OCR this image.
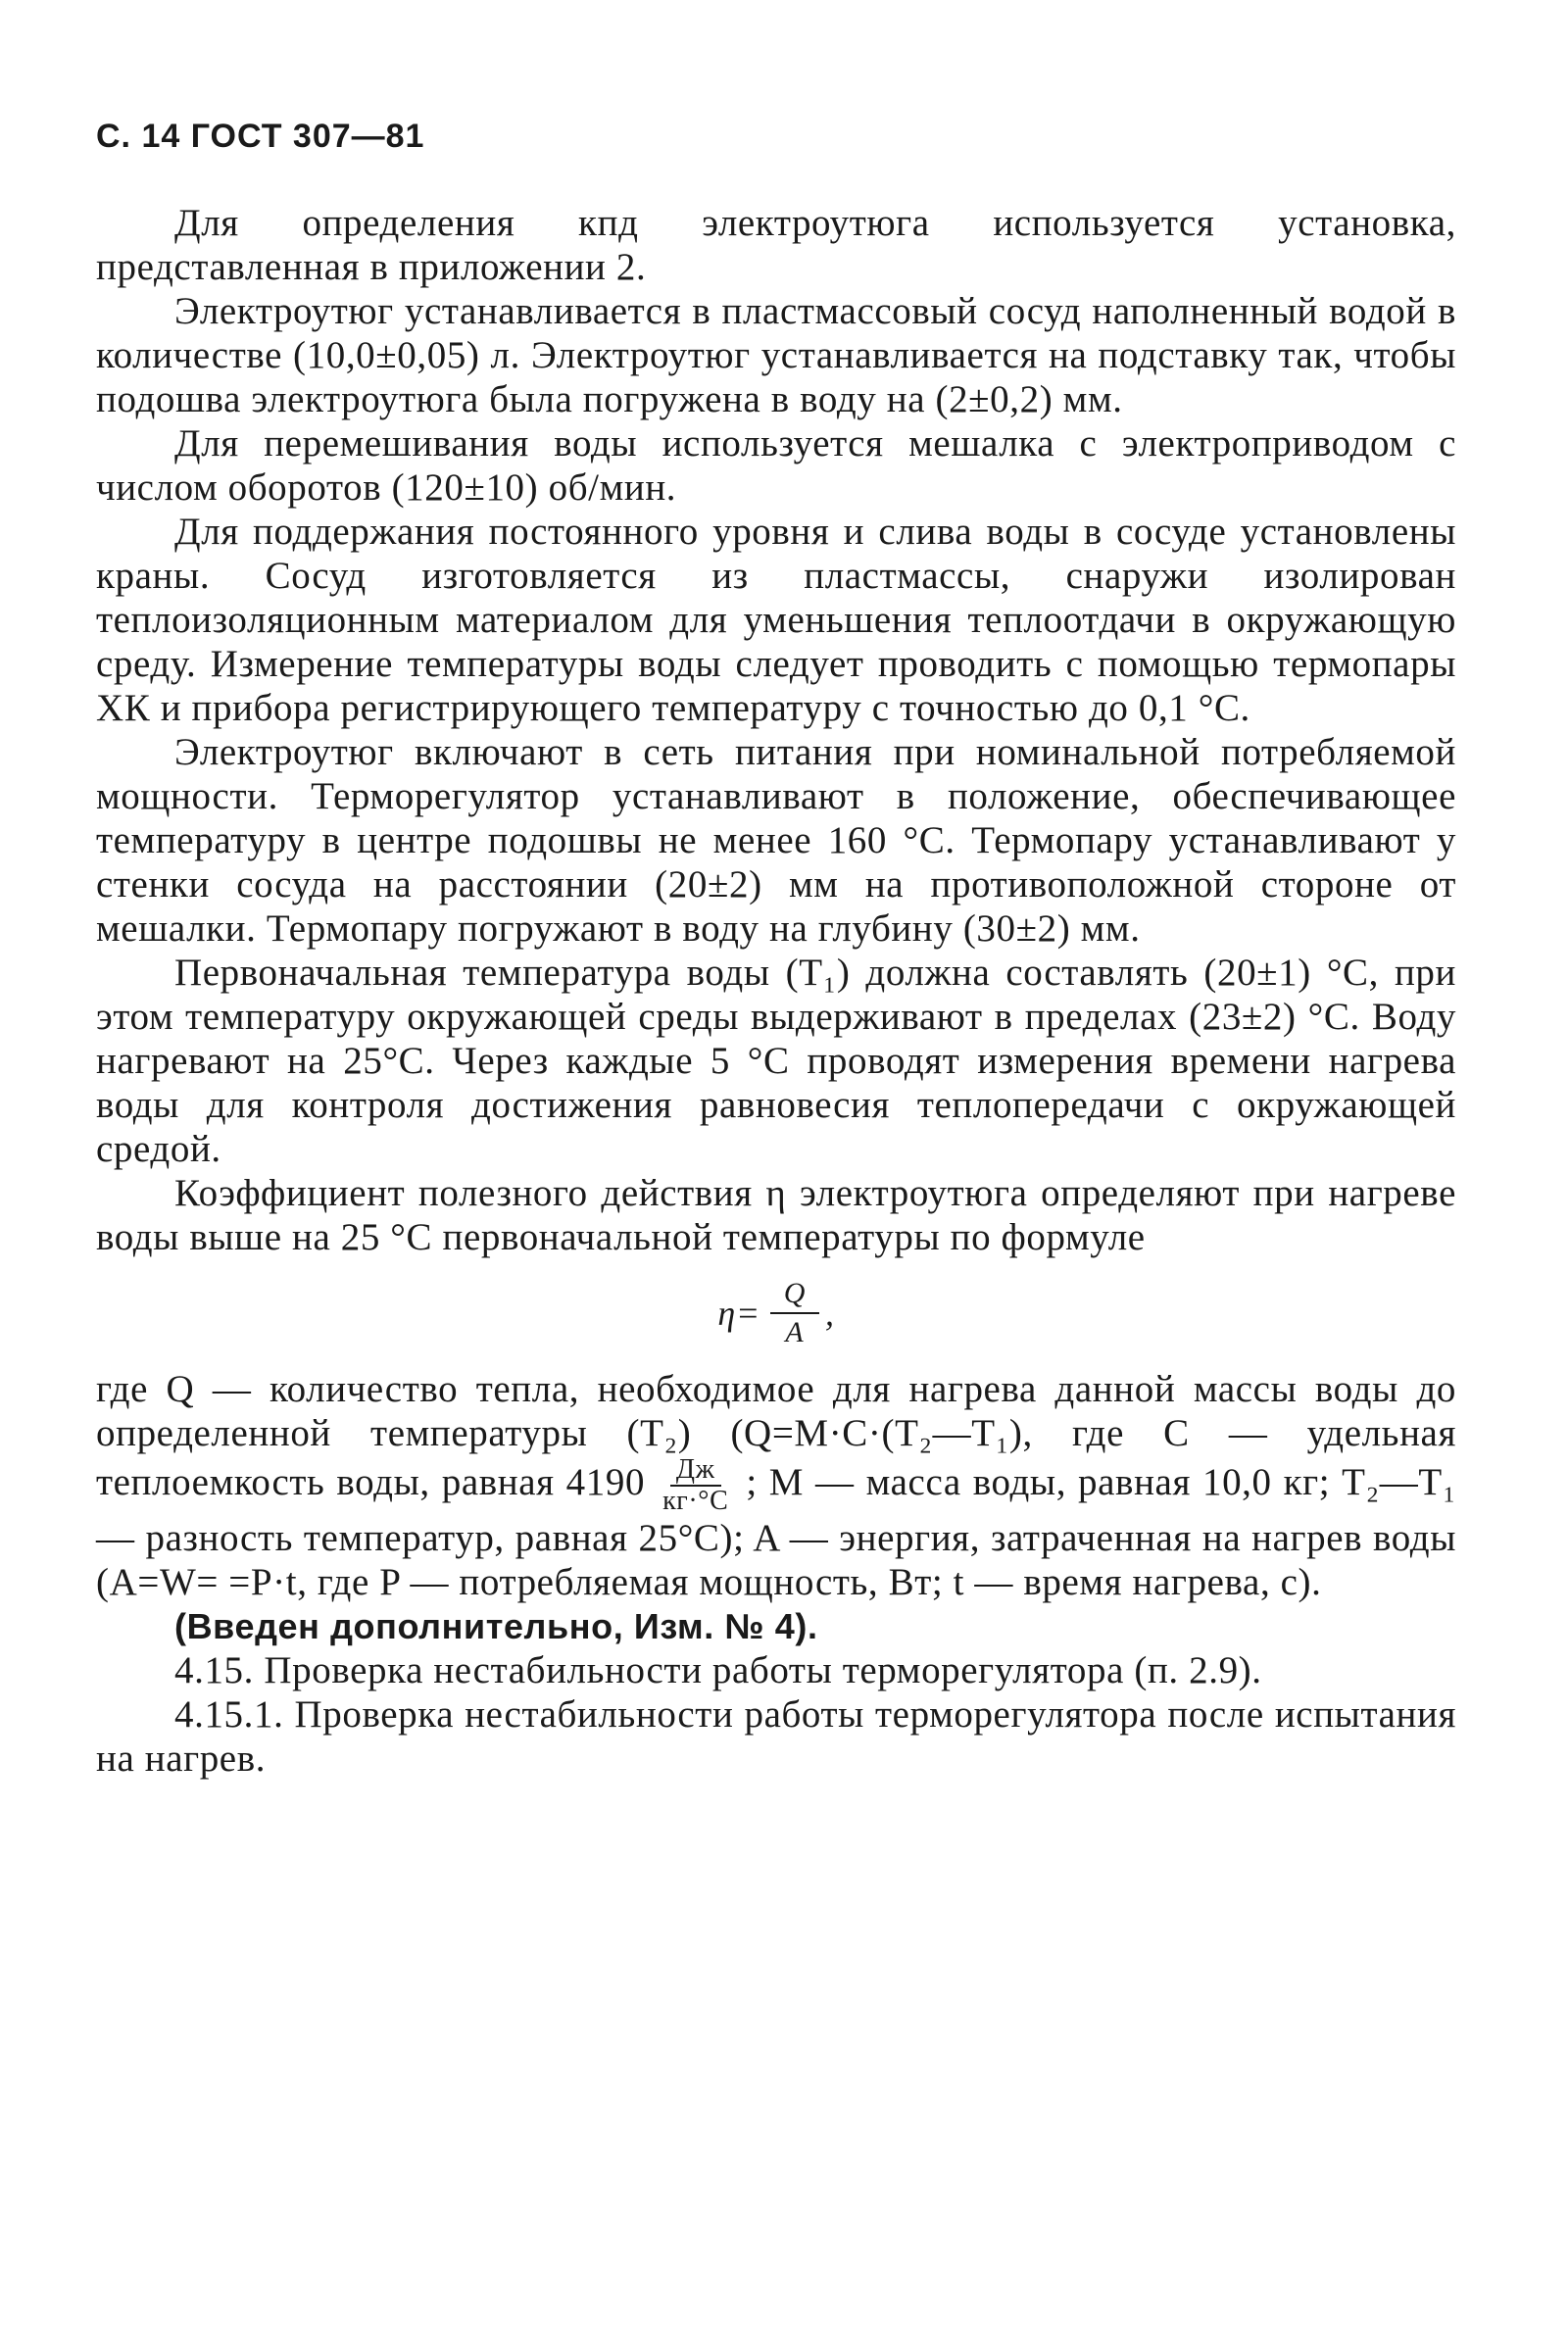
С. 14 ГОСТ 307—81

Для определения кпд электроутюга используется установка, представленная в приложении 2.

Электроутюг устанавливается в пластмассовый сосуд наполненный водой в количестве (10,0±0,05) л. Электроутюг устанавливается на подставку так, чтобы подошва электроутюга была погружена в воду на (2±0,2) мм.

Для перемешивания воды используется мешалка с электроприводом с числом оборотов (120±10) об/мин.

Для поддержания постоянного уровня и слива воды в сосуде установлены краны. Сосуд изготовляется из пластмассы, снаружи изолирован теплоизоляционным материалом для уменьшения теплоотдачи в окружающую среду. Измерение температуры воды следует проводить с помощью термопары ХК и прибора регистрирующего температуру с точностью до 0,1 °С.

Электроутюг включают в сеть питания при номинальной потребляемой мощности. Терморегулятор устанавливают в положение, обеспечивающее температуру в центре подошвы не менее 160 °С. Термопару устанавливают у стенки сосуда на расстоянии (20±2) мм на противоположной стороне от мешалки. Термопару погружают в воду на глубину (30±2) мм.

Первоначальная температура воды (T₁) должна составлять (20±1) °С, при этом температуру окружающей среды выдерживают в пределах (23±2) °С. Воду нагревают на 25°С. Через каждые 5 °С проводят измерения времени нагрева воды для контроля достижения равновесия теплопередачи с окружающей средой.

Коэффициент полезного действия η электроутюга определяют при нагреве воды выше на 25 °С первоначальной температуры по формуле

$\eta= \frac{Q}{A}$ ,

где Q — количество тепла, необходимое для нагрева данной массы воды до определенной температуры (T₂) (Q=M·C·(T₂—T₁), где C — удельная теплоемкость воды, равная $4190 \frac{Дж}{кг\cdot^\circ С}$ ; M — масса воды, равная 10,0 кг; T₂—T₁ — разность температур, равная 25°С); A — энергия, затраченная на нагрев воды (A=W= =P·t, где P — потребляемая мощность, Вт; t — время нагрева, с).

(Введен дополнительно, Изм. № 4).

4.15. Проверка нестабильности работы терморегулятора (п. 2.9).

4.15.1. Проверка нестабильности работы терморегулятора после испытания на нагрев.
